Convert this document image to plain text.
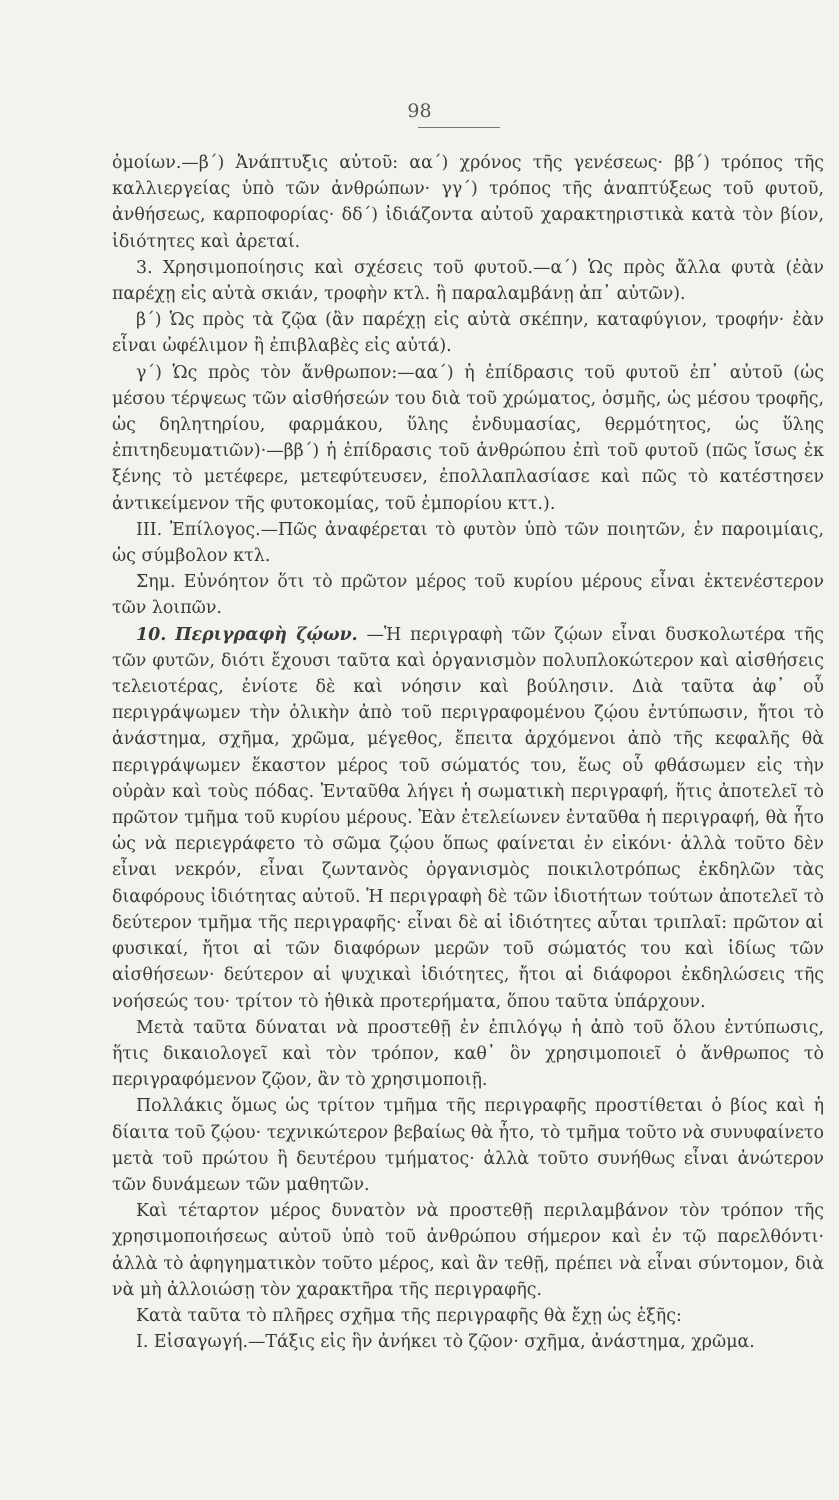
98

ὁμοίων.—β΄) Ἀνάπτυξις αὐτοῦ: αα΄) χρόνος τῆς γενέσεως· ββ΄) τρόπος τῆς καλλιεργείας ὑπὸ τῶν ἀνθρώπων· γγ΄) τρόπος τῆς ἀναπτύξεως τοῦ φυτοῦ, ἀνθήσεως, καρποφορίας· δδ΄) ἰδιάζοντα αὐτοῦ χαρακτηριστικὰ κατὰ τὸν βίον, ἰδιότητες καὶ ἀρεταί.

3. Χρησιμοποίησις καὶ σχέσεις τοῦ φυτοῦ.—α΄) Ὡς πρὸς ἄλλα φυτὰ (ἐὰν παρέχῃ εἰς αὐτὰ σκιάν, τροφὴν κτλ. ἢ παραλαμβάνῃ ἀπ᾽ αὐτῶν).

β΄) Ὡς πρὸς τὰ ζῷα (ἂν παρέχῃ εἰς αὐτὰ σκέπην, καταφύγιον, τροφήν· ἐὰν εἶναι ὠφέλιμον ἢ ἐπιβλαβὲς εἰς αὐτά).

γ΄) Ὡς πρὸς τὸν ἄνθρωπον:—αα΄) ἡ ἐπίδρασις τοῦ φυτοῦ ἐπ᾽ αὐτοῦ (ὡς μέσου τέρψεως τῶν αἰσθήσεών του διὰ τοῦ χρώματος, ὀσμῆς, ὡς μέσου τροφῆς, ὡς δηλητηρίου, φαρμάκου, ὕλης ἐνδυμασίας, θερμότητος, ὡς ὕλης ἐπιτηδευματιῶν)·—ββ΄) ἡ ἐπίδρασις τοῦ ἀνθρώπου ἐπὶ τοῦ φυτοῦ (πῶς ἴσως ἐκ ξένης τὸ μετέφερε, μετεφύτευσεν, ἐπολλαπλασίασε καὶ πῶς τὸ κατέστησεν ἀντικείμενον τῆς φυτοκομίας, τοῦ ἐμπορίου κττ.).

ΙΙΙ. Ἐπίλογος.—Πῶς ἀναφέρεται τὸ φυτὸν ὑπὸ τῶν ποιητῶν, ἐν παροιμίαις, ὡς σύμβολον κτλ.

Σημ. Εὐνόητον ὅτι τὸ πρῶτον μέρος τοῦ κυρίου μέρους εἶναι ἐκτενέστερον τῶν λοιπῶν.

10. Περιγραφὴ ζῴων. —Ἡ περιγραφὴ τῶν ζῴων εἶναι δυσκολωτέρα τῆς τῶν φυτῶν, διότι ἔχουσι ταῦτα καὶ ὀργανισμὸν πολυπλοκώτερον καὶ αἰσθήσεις τελειοτέρας, ἐνίοτε δὲ καὶ νόησιν καὶ βούλησιν. Διὰ ταῦτα ἀφ᾽ οὗ περιγράψωμεν τὴν ὁλικὴν ἀπὸ τοῦ περιγραφομένου ζῴου ἐντύπωσιν, ἤτοι τὸ ἀνάστημα, σχῆμα, χρῶμα, μέγεθος, ἔπειτα ἀρχόμενοι ἀπὸ τῆς κεφαλῆς θὰ περιγράψωμεν ἕκαστον μέρος τοῦ σώματός του, ἕως οὗ φθάσωμεν εἰς τὴν οὐρὰν καὶ τοὺς πόδας. Ἐνταῦθα λήγει ἡ σωματικὴ περιγραφή, ἥτις ἀποτελεῖ τὸ πρῶτον τμῆμα τοῦ κυρίου μέρους. Ἐὰν ἐτελείωνεν ἐνταῦθα ἡ περιγραφή, θὰ ἦτο ὡς νὰ περιεγράφετο τὸ σῶμα ζῴου ὅπως φαίνεται ἐν εἰκόνι· ἀλλὰ τοῦτο δὲν εἶναι νεκρόν, εἶναι ζωντανὸς ὀργανισμὸς ποικιλοτρόπως ἐκδηλῶν τὰς διαφόρους ἰδιότητας αὐτοῦ. Ἡ περιγραφὴ δὲ τῶν ἰδιοτήτων τούτων ἀποτελεῖ τὸ δεύτερον τμῆμα τῆς περιγραφῆς· εἶναι δὲ αἱ ἰδιότητες αὗται τριπλαῖ: πρῶτον αἱ φυσικαί, ἤτοι αἱ τῶν διαφόρων μερῶν τοῦ σώματός του καὶ ἰδίως τῶν αἰσθήσεων· δεύτερον αἱ ψυχικαὶ ἰδιότητες, ἤτοι αἱ διάφοροι ἐκδηλώσεις τῆς νοήσεώς του· τρίτον τὸ ἠθικὰ προτερήματα, ὅπου ταῦτα ὑπάρχουν.

Μετὰ ταῦτα δύναται νὰ προστεθῇ ἐν ἐπιλόγῳ ἡ ἀπὸ τοῦ ὅλου ἐντύπωσις, ἥτις δικαιολογεῖ καὶ τὸν τρόπον, καθ᾽ ὃν χρησιμοποιεῖ ὁ ἄνθρωπος τὸ περιγραφόμενον ζῷον, ἂν τὸ χρησιμοποιῇ.

Πολλάκις ὅμως ὡς τρίτον τμῆμα τῆς περιγραφῆς προστίθεται ὁ βίος καὶ ἡ δίαιτα τοῦ ζῴου· τεχνικώτερον βεβαίως θὰ ἦτο, τὸ τμῆμα τοῦτο νὰ συνυφαίνετο μετὰ τοῦ πρώτου ἢ δευτέρου τμήματος· ἀλλὰ τοῦτο συνήθως εἶναι ἀνώτερον τῶν δυνάμεων τῶν μαθητῶν.

Καὶ τέταρτον μέρος δυνατὸν νὰ προστεθῇ περιλαμβάνον τὸν τρόπον τῆς χρησιμοποιήσεως αὐτοῦ ὑπὸ τοῦ ἀνθρώπου σήμερον καὶ ἐν τῷ παρελθόντι· ἀλλὰ τὸ ἀφηγηματικὸν τοῦτο μέρος, καὶ ἂν τεθῇ, πρέπει νὰ εἶναι σύντομον, διὰ νὰ μὴ ἀλλοιώσῃ τὸν χαρακτῆρα τῆς περιγραφῆς.

Κατὰ ταῦτα τὸ πλῆρες σχῆμα τῆς περιγραφῆς θὰ ἔχῃ ὡς ἑξῆς:

Ι. Εἰσαγωγή.—Τάξις εἰς ἣν ἀνήκει τὸ ζῷον· σχῆμα, ἀνάστημα, χρῶμα.
